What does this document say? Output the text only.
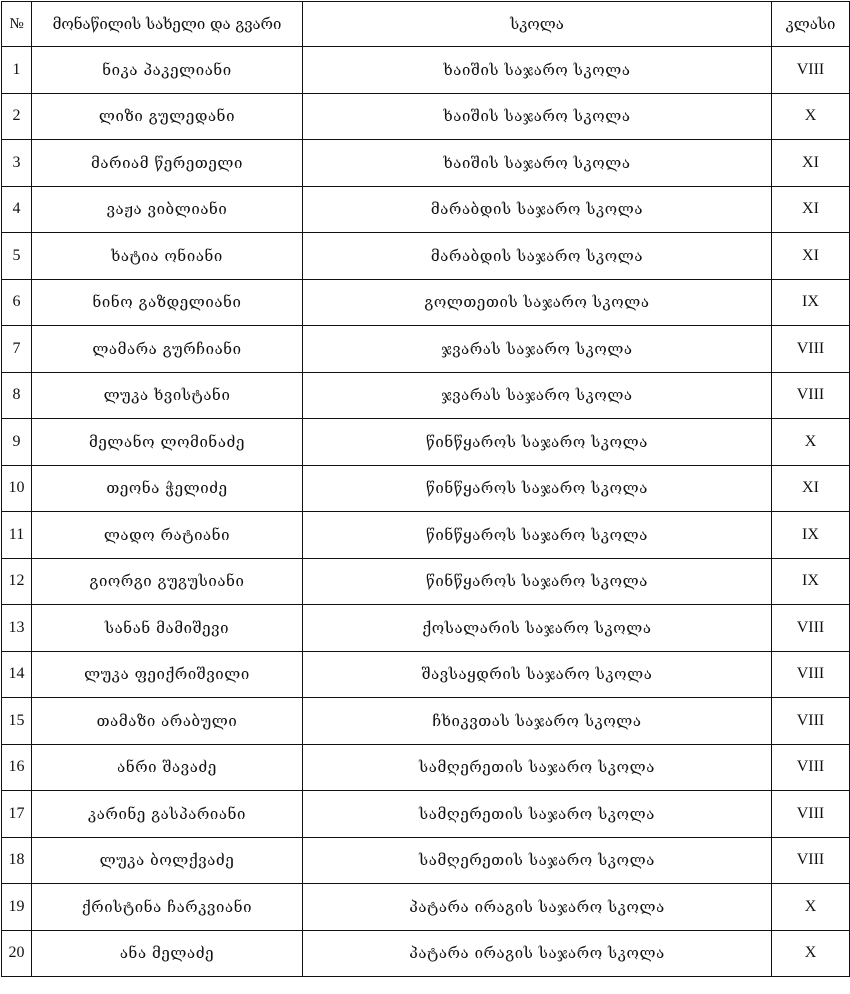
№	მონაწილის სახელი და გვარი	სკოლა	კლასი
1	ნიკა პაკელიანი	ხაიშის საჯარო სკოლა	VIII
2	ლიზი გულედანი	ხაიშის საჯარო სკოლა	X
3	მარიამ წერეთელი	ხაიშის საჯარო სკოლა	XI
4	ვაჟა ვიბლიანი	მარაბდის საჯარო სკოლა	XI
5	ხატია ონიანი	მარაბდის საჯარო სკოლა	XI
6	ნინო გაზდელიანი	გოლთეთის საჯარო სკოლა	IX
7	ლამარა გურჩიანი	ჯვარას საჯარო სკოლა	VIII
8	ლუკა ხვისტანი	ჯვარას საჯარო სკოლა	VIII
9	მელანო ლომინაძე	წინწყაროს საჯარო სკოლა	X
10	თეონა ჭელიძე	წინწყაროს საჯარო სკოლა	XI
11	ლადო რატიანი	წინწყაროს საჯარო სკოლა	IX
12	გიორგი გუგუსიანი	წინწყაროს საჯარო სკოლა	IX
13	სანან მამიშევი	ქოსალარის საჯარო სკოლა	VIII
14	ლუკა ფეიქრიშვილი	შავსაყდრის საჯარო სკოლა	VIII
15	თამაზი არაბული	ჩხიკვთას საჯარო სკოლა	VIII
16	ანრი შავაძე	სამღერეთის საჯარო სკოლა	VIII
17	კარინე გასპარიანი	სამღერეთის საჯარო სკოლა	VIII
18	ლუკა ბოლქვაძე	სამღერეთის საჯარო სკოლა	VIII
19	ქრისტინა ჩარკვიანი	პატარა ირაგის საჯარო სკოლა	X
20	ანა მელაძე	პატარა ირაგის საჯარო სკოლა	X
